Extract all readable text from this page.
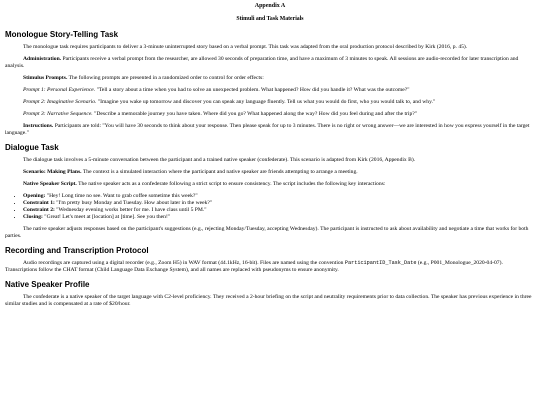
Appendix A
Stimuli and Task Materials
Monologue Story-Telling Task

The monologue task requires participants to deliver a 3-minute uninterrupted story based on a verbal prompt. This task was adapted from the oral production protocol described by Kirk (2016, p. 45).

Administration. Participants receive a verbal prompt from the researcher, are allowed 30 seconds of preparation time, and have a maximum of 3 minutes to speak. All sessions are audio-recorded for later transcription and analysis.

Stimulus Prompts. The following prompts are presented in a randomized order to control for order effects:

Prompt 1: Personal Experience. "Tell a story about a time when you had to solve an unexpected problem. What happened? How did you handle it? What was the outcome?"

Prompt 2: Imaginative Scenario. "Imagine you wake up tomorrow and discover you can speak any language fluently. Tell us what you would do first, who you would talk to, and why."

Prompt 3: Narrative Sequence. "Describe a memorable journey you have taken. Where did you go? What happened along the way? How did you feel during and after the trip?"

Instructions. Participants are told: "You will have 30 seconds to think about your response. Then please speak for up to 3 minutes. There is no right or wrong answer—we are interested in how you express yourself in the target language."

Dialogue Task

The dialogue task involves a 5-minute conversation between the participant and a trained native speaker (confederate). This scenario is adapted from Kirk (2016, Appendix B).

Scenario: Making Plans. The context is a simulated interaction where the participant and native speaker are friends attempting to arrange a meeting.

Native Speaker Script. The native speaker acts as a confederate following a strict script to ensure consistency. The script includes the following key interactions:

• Opening: "Hey! Long time no see. Want to grab coffee sometime this week?"
• Constraint 1: "I'm pretty busy Monday and Tuesday. How about later in the week?"
• Constraint 2: "Wednesday evening works better for me. I have class until 5 PM."
• Closing: "Great! Let's meet at [location] at [time]. See you then!"

The native speaker adjusts responses based on the participant's suggestions (e.g., rejecting Monday/Tuesday, accepting Wednesday). The participant is instructed to ask about availability and negotiate a time that works for both parties.

Recording and Transcription Protocol

Audio recordings are captured using a digital recorder (e.g., Zoom H5) in WAV format (44.1kHz, 16-bit). Files are named using the convention ParticipantID_Task_Date (e.g., P001_Monologue_2020-04-07). Transcriptions follow the CHAT format (Child Language Data Exchange System), and all names are replaced with pseudonyms to ensure anonymity.

Native Speaker Profile

The confederate is a native speaker of the target language with C2-level proficiency. They received a 2-hour briefing on the script and neutrality requirements prior to data collection. The speaker has previous experience in three similar studies and is compensated at a rate of $20/hour.
